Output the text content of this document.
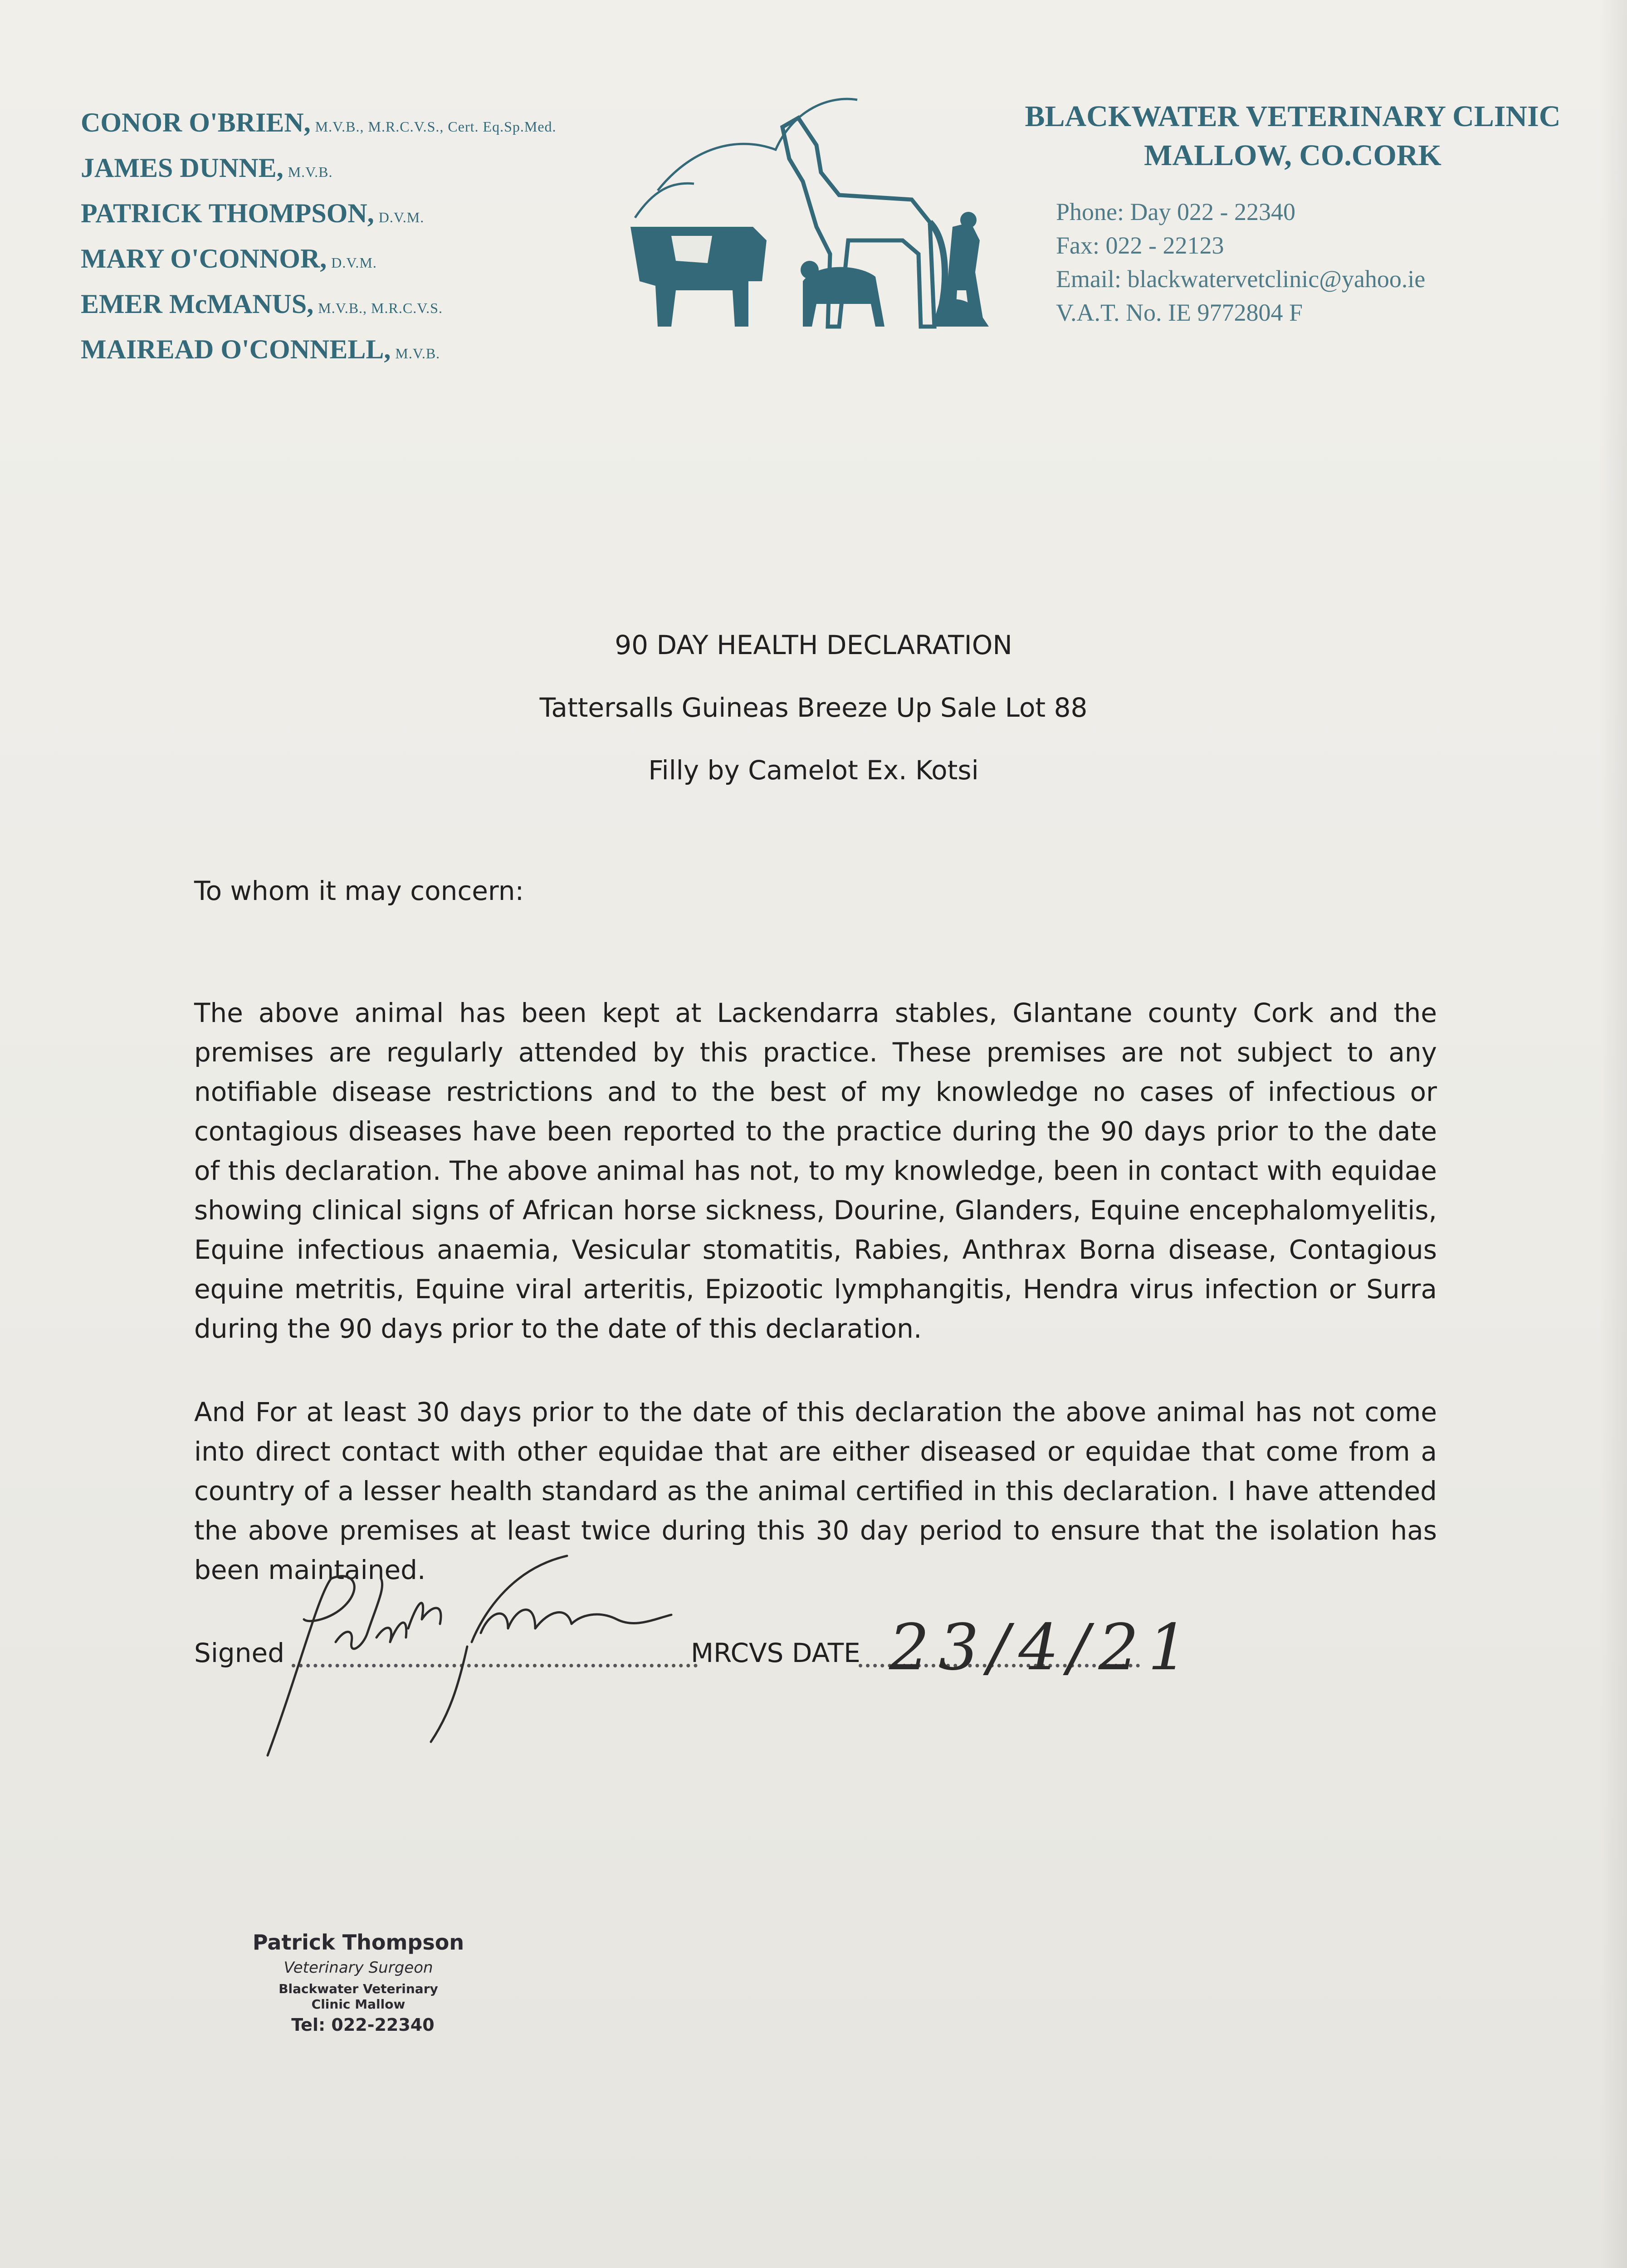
CONOR O'BRIEN, M.V.B., M.R.C.V.S., Cert. Eq.Sp.Med.
JAMES DUNNE, M.V.B.
PATRICK THOMPSON, D.V.M.
MARY O'CONNOR, D.V.M.
EMER McMANUS, M.V.B., M.R.C.V.S.
MAIREAD O'CONNELL, M.V.B.
BLACKWATER VETERINARY CLINIC
MALLOW, CO.CORK
Phone: Day 022 - 22340
Fax: 022 - 22123
Email: blackwatervetclinic@yahoo.ie
V.A.T. No. IE 9772804 F
90 DAY HEALTH DECLARATION
Tattersalls Guineas Breeze Up Sale Lot 88
Filly by Camelot Ex. Kotsi
To whom it may concern:
The above animal has been kept at Lackendarra stables, Glantane county Cork and the premises are regularly attended by this practice. These premises are not subject to any notifiable disease restrictions and to the best of my knowledge no cases of infectious or contagious diseases have been reported to the practice during the 90 days prior to the date of this declaration. The above animal has not, to my knowledge, been in contact with equidae showing clinical signs of African horse sickness, Dourine, Glanders, Equine encephalomyelitis, Equine infectious anaemia, Vesicular stomatitis, Rabies, Anthrax Borna disease, Contagious equine metritis, Equine viral arteritis, Epizootic lymphangitis, Hendra virus infection or Surra during the 90 days prior to the date of this declaration.
And For at least 30 days prior to the date of this declaration the above animal has not come into direct contact with other equidae that are either diseased or equidae that come from a country of a lesser health standard as the animal certified in this declaration. I have attended the above premises at least twice during this 30 day period to ensure that the isolation has been maintained.
Signed	MRCVS DATE 23/4/21
Patrick Thompson
Veterinary Surgeon
Blackwater Veterinary
Clinic Mallow
Tel: 022-22340
